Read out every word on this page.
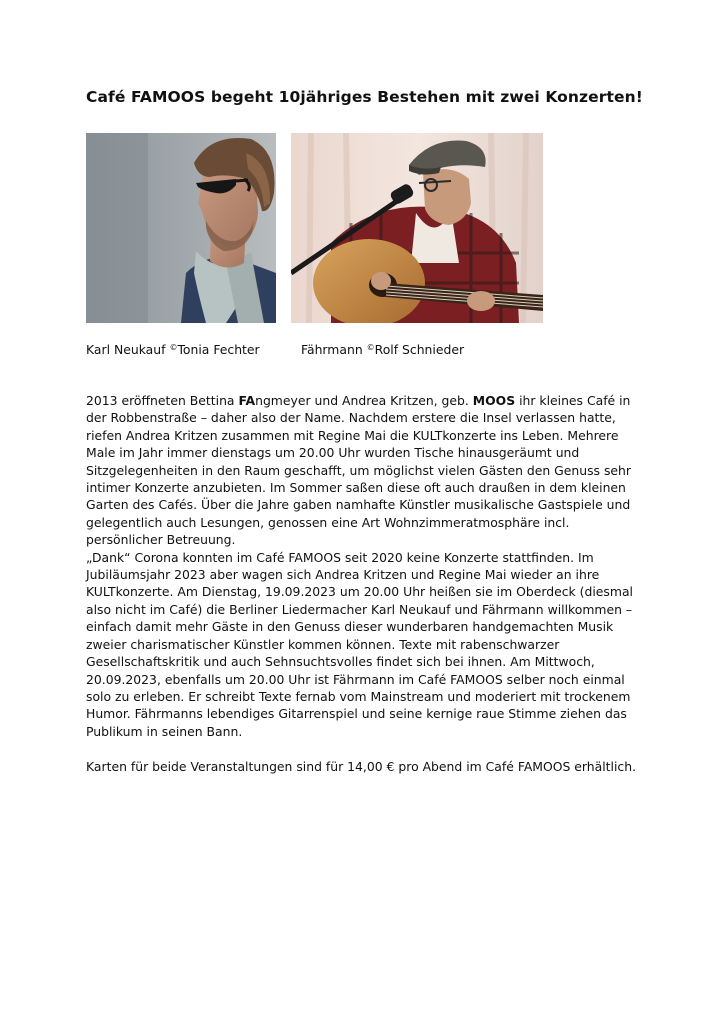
Café FAMOOS begeht 10jähriges Bestehen mit zwei Konzerten!
Karl Neukauf ©Tonia Fechter	Fährmann ©Rolf Schnieder

2013 eröffneten Bettina FAngmeyer und Andrea Kritzen, geb. MOOS ihr kleines Café in der Robbenstraße – daher also der Name. Nachdem erstere die Insel verlassen hatte, riefen Andrea Kritzen zusammen mit Regine Mai die KULTkonzerte ins Leben. Mehrere Male im Jahr immer dienstags um 20.00 Uhr wurden Tische hinausgeräumt und Sitzgelegenheiten in den Raum geschafft, um möglichst vielen Gästen den Genuss sehr intimer Konzerte anzubieten. Im Sommer saßen diese oft auch draußen in dem kleinen Garten des Cafés. Über die Jahre gaben namhafte Künstler musikalische Gastspiele und gelegentlich auch Lesungen, genossen eine Art Wohnzimmeratmosphäre incl. persönlicher Betreuung.

„Dank“ Corona konnten im Café FAMOOS seit 2020 keine Konzerte stattfinden. Im Jubiläumsjahr 2023 aber wagen sich Andrea Kritzen und Regine Mai wieder an ihre KULTkonzerte. Am Dienstag, 19.09.2023 um 20.00 Uhr heißen sie im Oberdeck (diesmal also nicht im Café) die Berliner Liedermacher Karl Neukauf und Fährmann willkommen – einfach damit mehr Gäste in den Genuss dieser wunderbaren handgemachten Musik zweier charismatischer Künstler kommen können. Texte mit rabenschwarzer Gesellschaftskritik und auch Sehnsuchtsvolles findet sich bei ihnen. Am Mittwoch, 20.09.2023, ebenfalls um 20.00 Uhr ist Fährmann im Café FAMOOS selber noch einmal solo zu erleben. Er schreibt Texte fernab vom Mainstream und moderiert mit trockenem Humor. Fährmanns lebendiges Gitarrenspiel und seine kernige raue Stimme ziehen das Publikum in seinen Bann.

Karten für beide Veranstaltungen sind für 14,00 € pro Abend im Café FAMOOS erhältlich.
